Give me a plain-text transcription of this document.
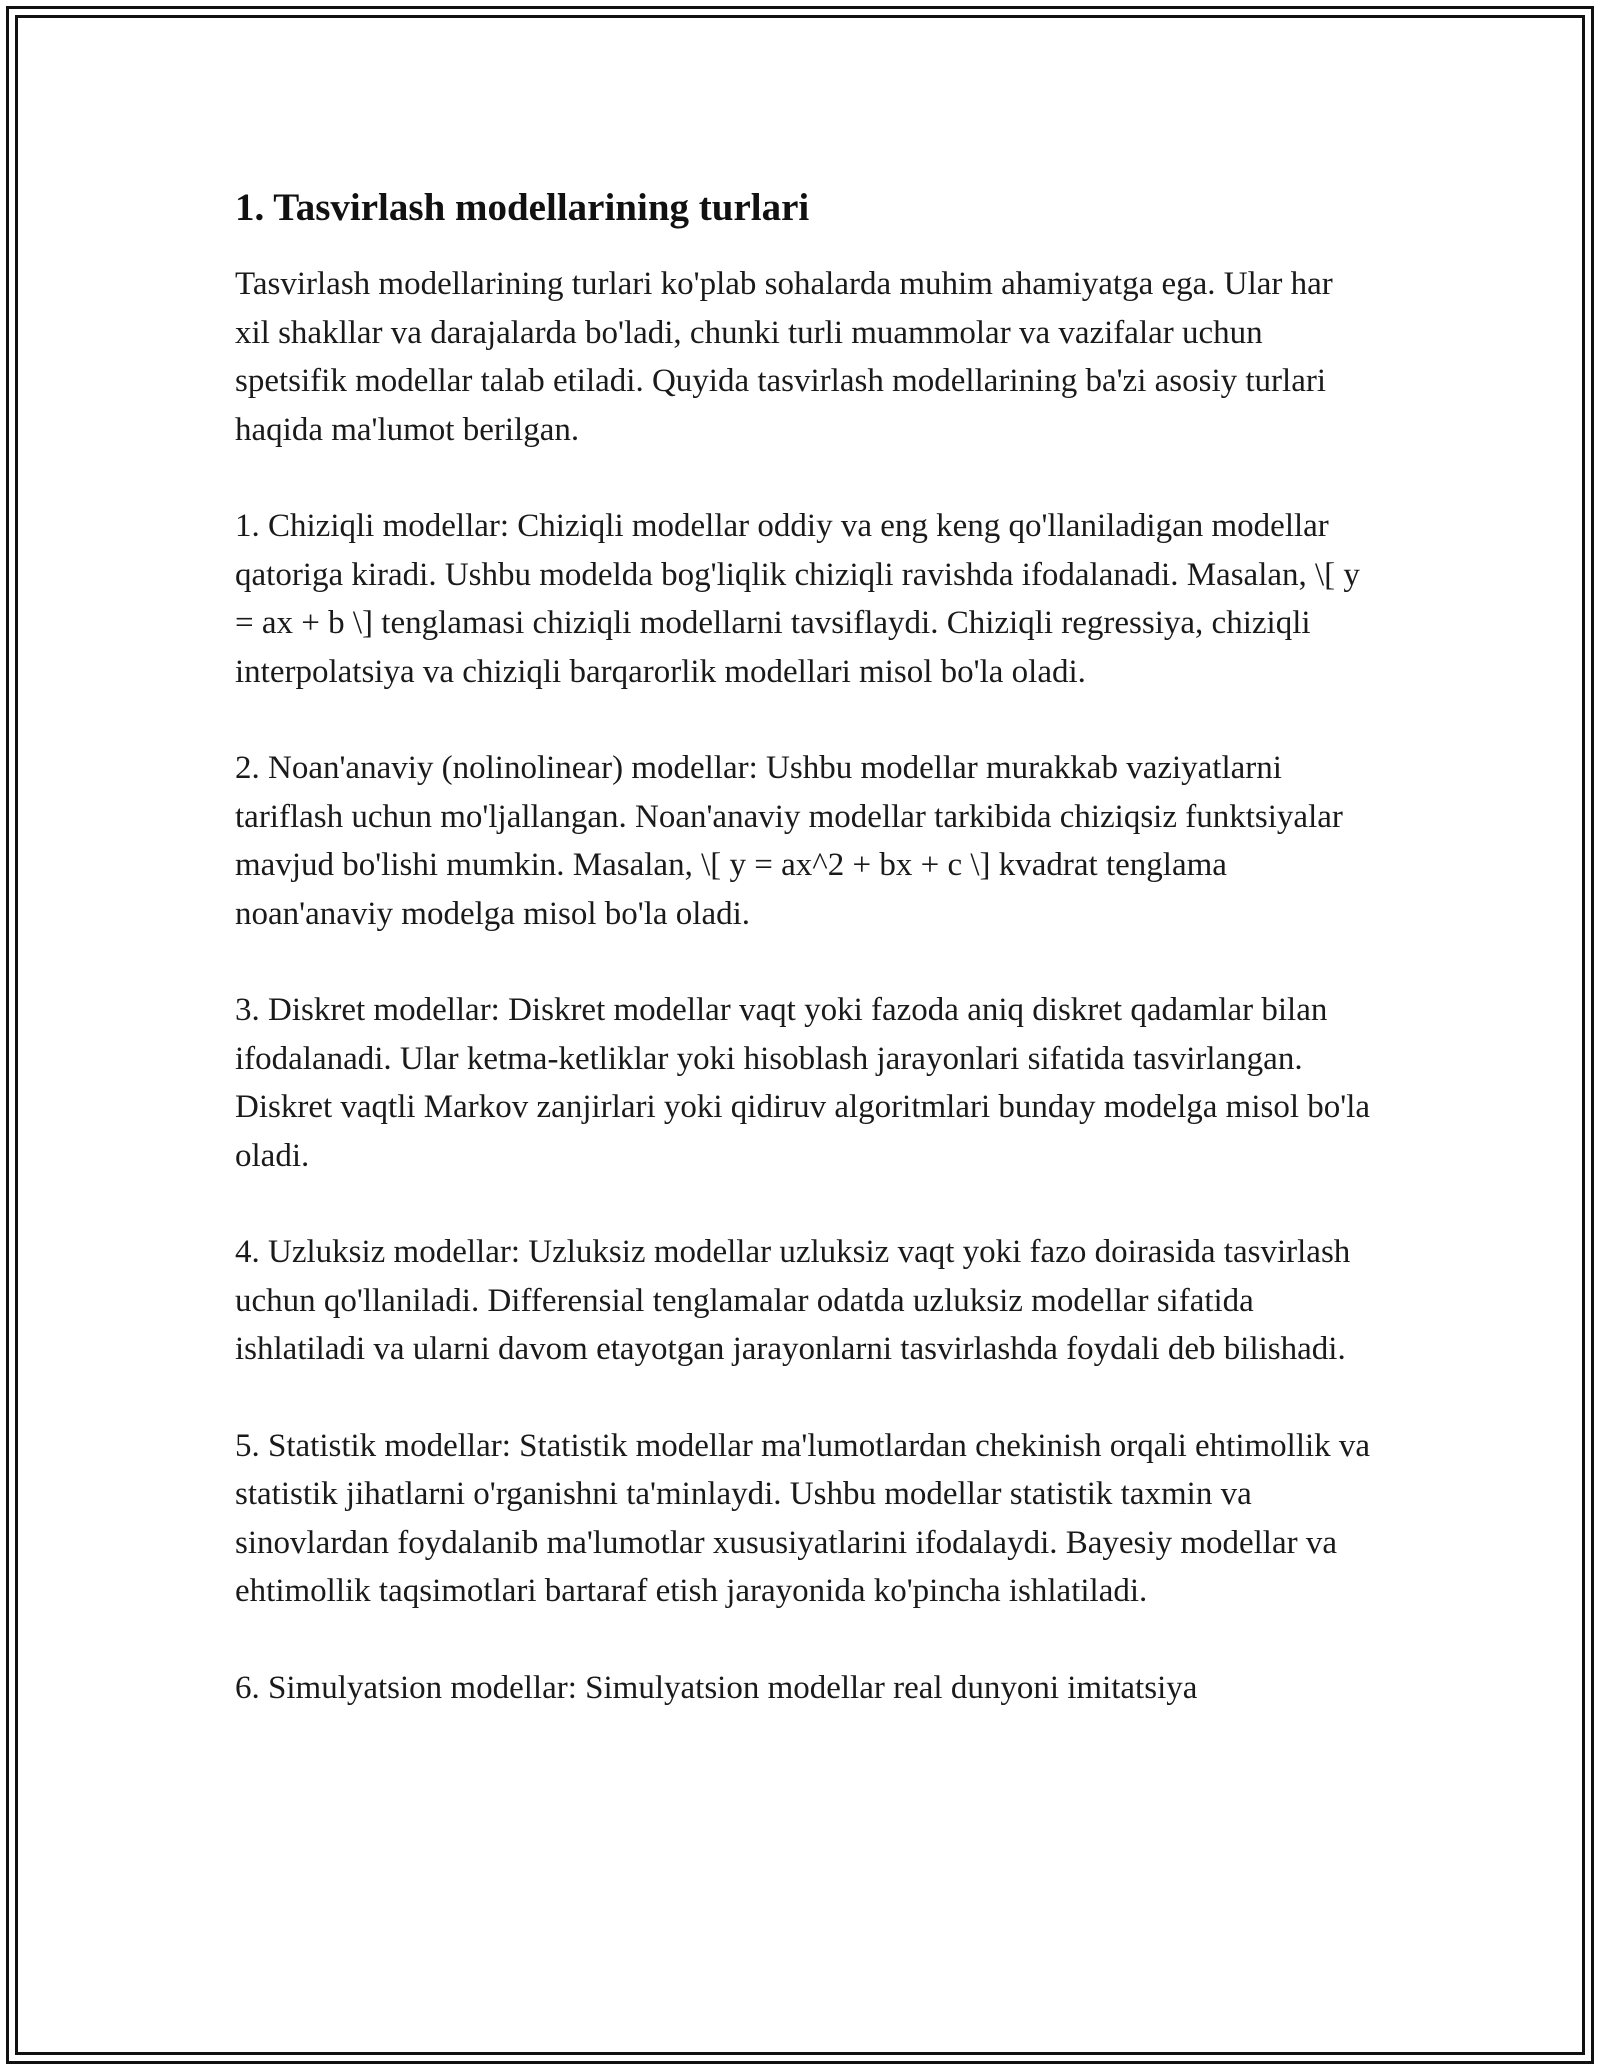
1. Tasvirlash modellarining turlari

Tasvirlash modellarining turlari ko'plab sohalarda muhim ahamiyatga ega. Ular har xil shakllar va darajalarda bo'ladi, chunki turli muammolar va vazifalar uchun spetsifik modellar talab etiladi. Quyida tasvirlash modellarining ba'zi asosiy turlari haqida ma'lumot berilgan.

1. Chiziqli modellar: Chiziqli modellar oddiy va eng keng qo'llaniladigan modellar qatoriga kiradi. Ushbu modelda bog'liqlik chiziqli ravishda ifodalanadi. Masalan, \[ y = ax + b \] tenglamasi chiziqli modellarni tavsiflaydi. Chiziqli regressiya, chiziqli interpolatsiya va chiziqli barqarorlik modellari misol bo'la oladi.

2. Noan'anaviy (nolinolinear) modellar: Ushbu modellar murakkab vaziyatlarni tariflash uchun mo'ljallangan. Noan'anaviy modellar tarkibida chiziqsiz funktsiyalar mavjud bo'lishi mumkin. Masalan, \[ y = ax^2 + bx + c \] kvadrat tenglama noan'anaviy modelga misol bo'la oladi.

3. Diskret modellar: Diskret modellar vaqt yoki fazoda aniq diskret qadamlar bilan ifodalanadi. Ular ketma-ketliklar yoki hisoblash jarayonlari sifatida tasvirlangan. Diskret vaqtli Markov zanjirlari yoki qidiruv algoritmlari bunday modelga misol bo'la oladi.

4. Uzluksiz modellar: Uzluksiz modellar uzluksiz vaqt yoki fazo doirasida tasvirlash uchun qo'llaniladi. Differensial tenglamalar odatda uzluksiz modellar sifatida ishlatiladi va ularni davom etayotgan jarayonlarni tasvirlashda foydali deb bilishadi.

5. Statistik modellar: Statistik modellar ma'lumotlardan chekinish orqali ehtimollik va statistik jihatlarni o'rganishni ta'minlaydi. Ushbu modellar statistik taxmin va sinovlardan foydalanib ma'lumotlar xususiyatlarini ifodalaydi. Bayesiy modellar va ehtimollik taqsimotlari bartaraf etish jarayonida ko'pincha ishlatiladi.

6. Simulyatsion modellar: Simulyatsion modellar real dunyoni imitatsiya
